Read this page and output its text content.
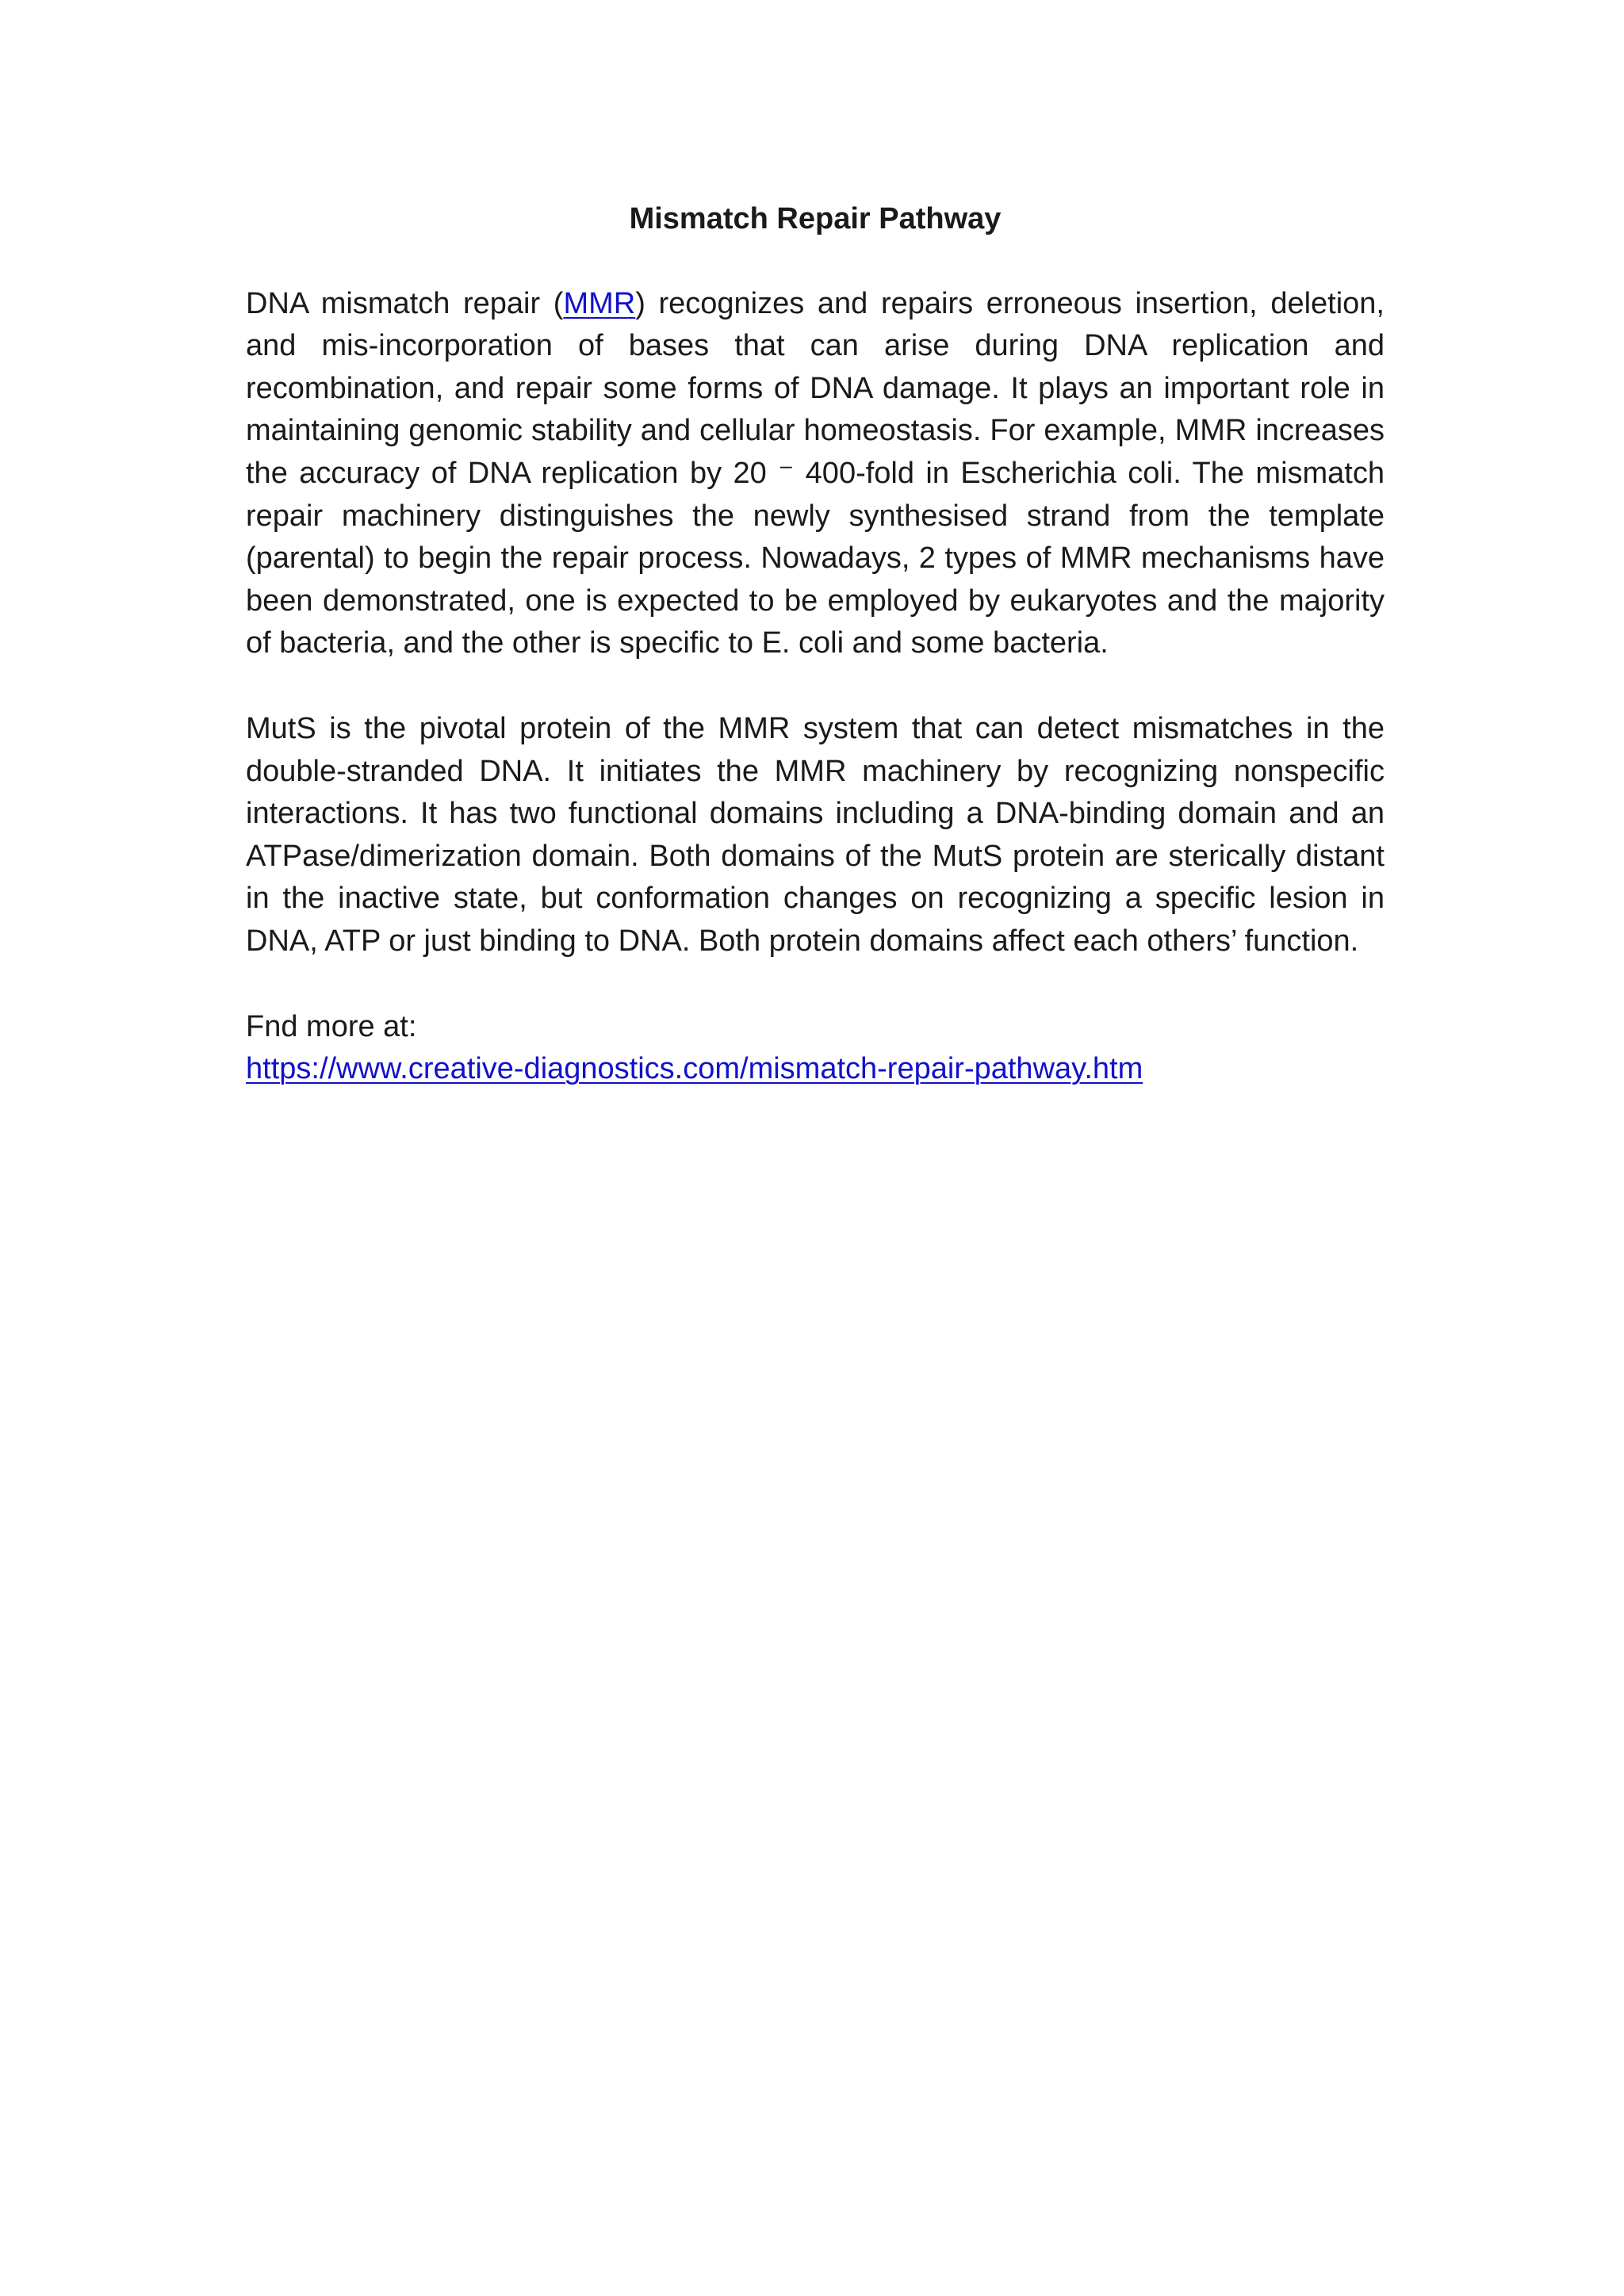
Mismatch Repair Pathway

DNA mismatch repair (MMR) recognizes and repairs erroneous insertion, deletion, and mis-incorporation of bases that can arise during DNA replication and recombination, and repair some forms of DNA damage. It plays an important role in maintaining genomic stability and cellular homeostasis. For example, MMR increases the accuracy of DNA replication by 20 ⁻ 400-fold in Escherichia coli. The mismatch repair machinery distinguishes the newly synthesised strand from the template (parental) to begin the repair process. Nowadays, 2 types of MMR mechanisms have been demonstrated, one is expected to be employed by eukaryotes and the majority of bacteria, and the other is specific to E. coli and some bacteria.

MutS is the pivotal protein of the MMR system that can detect mismatches in the double-stranded DNA. It initiates the MMR machinery by recognizing nonspecific interactions. It has two functional domains including a DNA-binding domain and an ATPase/dimerization domain. Both domains of the MutS protein are sterically distant in the inactive state, but conformation changes on recognizing a specific lesion in DNA, ATP or just binding to DNA. Both protein domains affect each others’ function.

Fnd more at:

https://www.creative-diagnostics.com/mismatch-repair-pathway.htm
